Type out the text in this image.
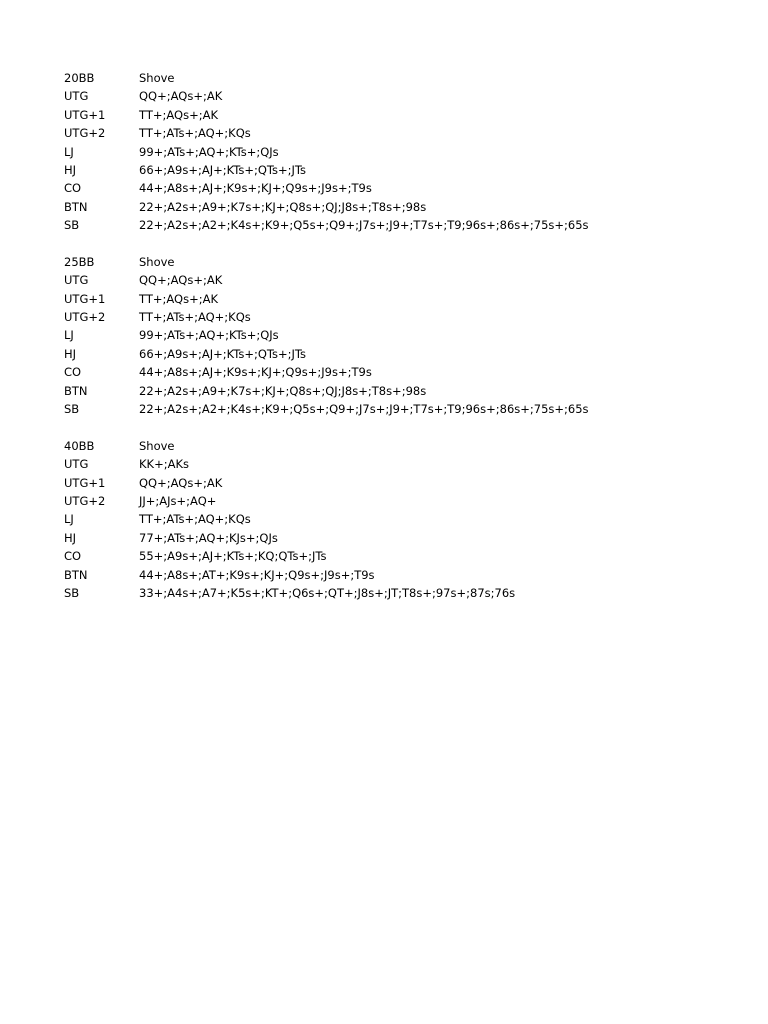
20BB	Shove
UTG	QQ+;AQs+;AK
UTG+1	TT+;AQs+;AK
UTG+2	TT+;ATs+;AQ+;KQs
LJ	99+;ATs+;AQ+;KTs+;QJs
HJ	66+;A9s+;AJ+;KTs+;QTs+;JTs
CO	44+;A8s+;AJ+;K9s+;KJ+;Q9s+;J9s+;T9s
BTN	22+;A2s+;A9+;K7s+;KJ+;Q8s+;QJ;J8s+;T8s+;98s
SB	22+;A2s+;A2+;K4s+;K9+;Q5s+;Q9+;J7s+;J9+;T7s+;T9;96s+;86s+;75s+;65s
25BB	Shove
UTG	QQ+;AQs+;AK
UTG+1	TT+;AQs+;AK
UTG+2	TT+;ATs+;AQ+;KQs
LJ	99+;ATs+;AQ+;KTs+;QJs
HJ	66+;A9s+;AJ+;KTs+;QTs+;JTs
CO	44+;A8s+;AJ+;K9s+;KJ+;Q9s+;J9s+;T9s
BTN	22+;A2s+;A9+;K7s+;KJ+;Q8s+;QJ;J8s+;T8s+;98s
SB	22+;A2s+;A2+;K4s+;K9+;Q5s+;Q9+;J7s+;J9+;T7s+;T9;96s+;86s+;75s+;65s
40BB	Shove
UTG	KK+;AKs
UTG+1	QQ+;AQs+;AK
UTG+2	JJ+;AJs+;AQ+
LJ	TT+;ATs+;AQ+;KQs
HJ	77+;ATs+;AQ+;KJs+;QJs
CO	55+;A9s+;AJ+;KTs+;KQ;QTs+;JTs
BTN	44+;A8s+;AT+;K9s+;KJ+;Q9s+;J9s+;T9s
SB	33+;A4s+;A7+;K5s+;KT+;Q6s+;QT+;J8s+;JT;T8s+;97s+;87s;76s
